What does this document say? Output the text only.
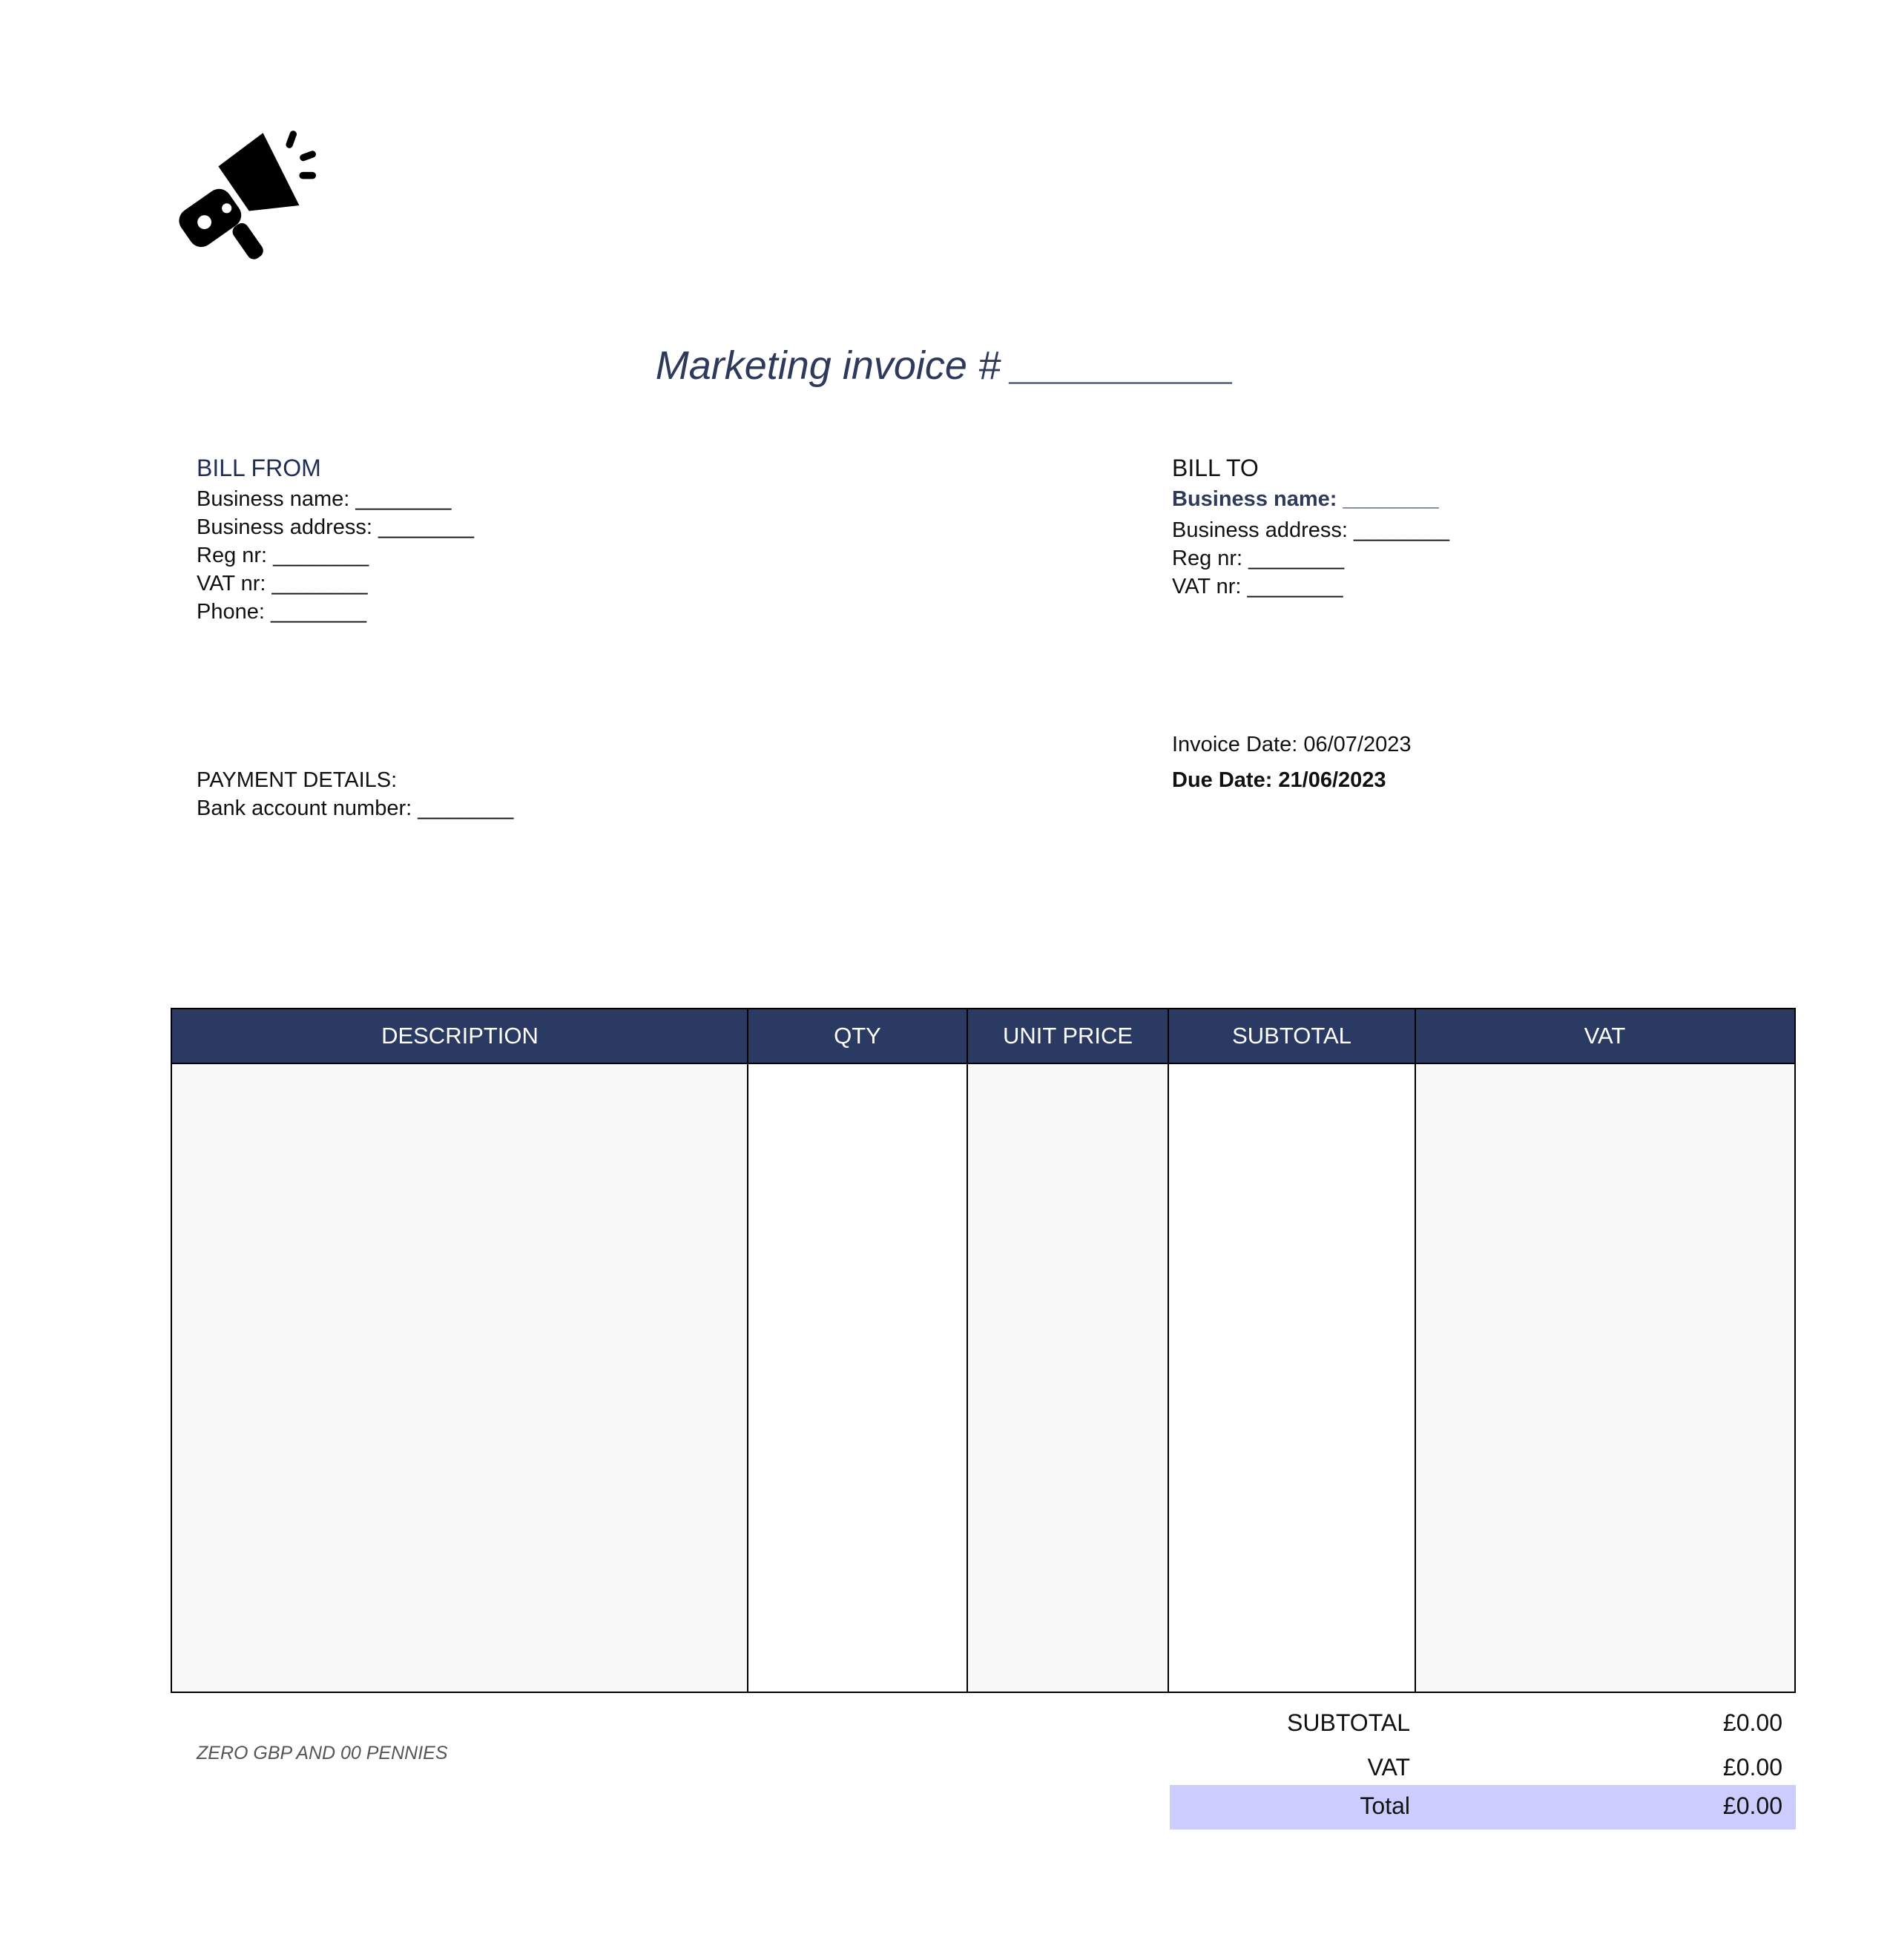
Marketing invoice # __________
BILL FROM
Business name: ________
Business address: ________
Reg nr: ________
VAT nr: ________
Phone: ________
BILL TO
Business name: ________
Business address: ________
Reg nr: ________
VAT nr: ________
Invoice Date: 06/07/2023
Due Date: 21/06/2023
PAYMENT DETAILS:
Bank account number: ________
DESCRIPTION	QTY	UNIT PRICE	SUBTOTAL	VAT
ZERO GBP AND 00 PENNIES
SUBTOTAL	£0.00
VAT	£0.00
Total	£0.00
